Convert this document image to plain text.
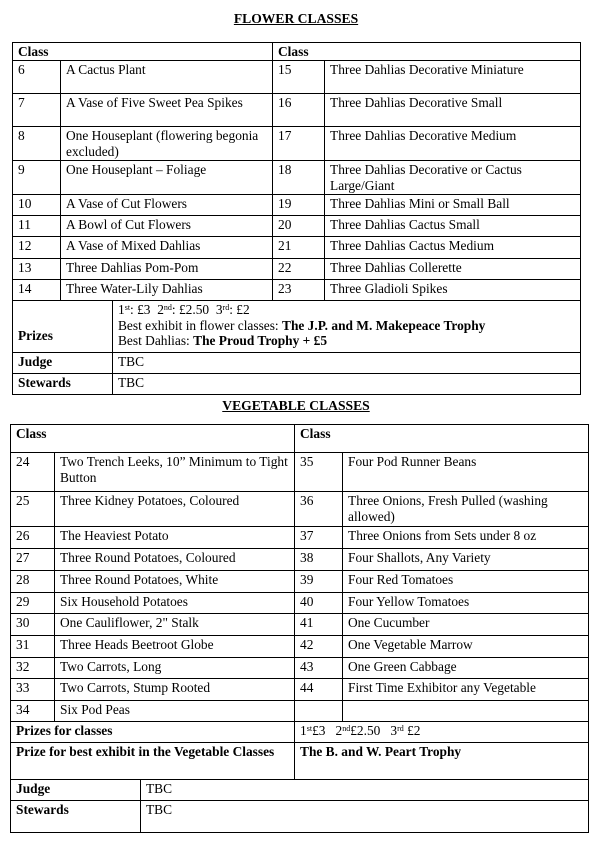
FLOWER CLASSES
Class			Class	
6	A Cactus Plant		15	Three Dahlias Decorative Miniature
7	A Vase of Five Sweet Pea Spikes		16	Three Dahlias Decorative Small
8	One Houseplant (flowering begonia excluded)		17	Three Dahlias Decorative Medium
9	One Houseplant – Foliage		18	Three Dahlias Decorative or Cactus Large/Giant
10	A Vase of Cut Flowers		19	Three Dahlias Mini or Small Ball
11	A Bowl of Cut Flowers		20	Three Dahlias Cactus Small
12	A Vase of Mixed Dahlias		21	Three Dahlias Cactus Medium
13	Three Dahlias Pom-Pom		22	Three Dahlias Collerette
14	Three Water-Lily Dahlias		23	Three Gladioli Spikes
Prizes		1st: £3 2nd: £2.50 3rd: £2
Best exhibit in flower classes: The J.P. and M. Makepeace Trophy
Best Dahlias: The Proud Trophy + £5		

Judge		TBC		
Stewards		TBC		
VEGETABLE CLASSES
Class			Class	
24	Two Trench Leeks, 10” Minimum to Tight Button		35	Four Pod Runner Beans
25	Three Kidney Potatoes, Coloured		36	Three Onions, Fresh Pulled (washing allowed)
26	The Heaviest Potato		37	Three Onions from Sets under 8 oz
27	Three Round Potatoes, Coloured		38	Four Shallots, Any Variety
28	Three Round Potatoes, White		39	Four Red Tomatoes
29	Six Household Potatoes		40	Four Yellow Tomatoes
30	One Cauliflower, 2" Stalk		41	One Cucumber
31	Three Heads Beetroot Globe		42	One Vegetable Marrow
32	Two Carrots, Long		43	One Green Cabbage
33	Two Carrots, Stump Rooted		44	First Time Exhibitor any Vegetable
34	Six Pod Peas			
Prizes for classes			1st£3 2nd£2.50 3rd £2	
Prize for best exhibit in the Vegetable Classes			The B. and W. Peart Trophy	
Judge		TBC		
Stewards		TBC		
